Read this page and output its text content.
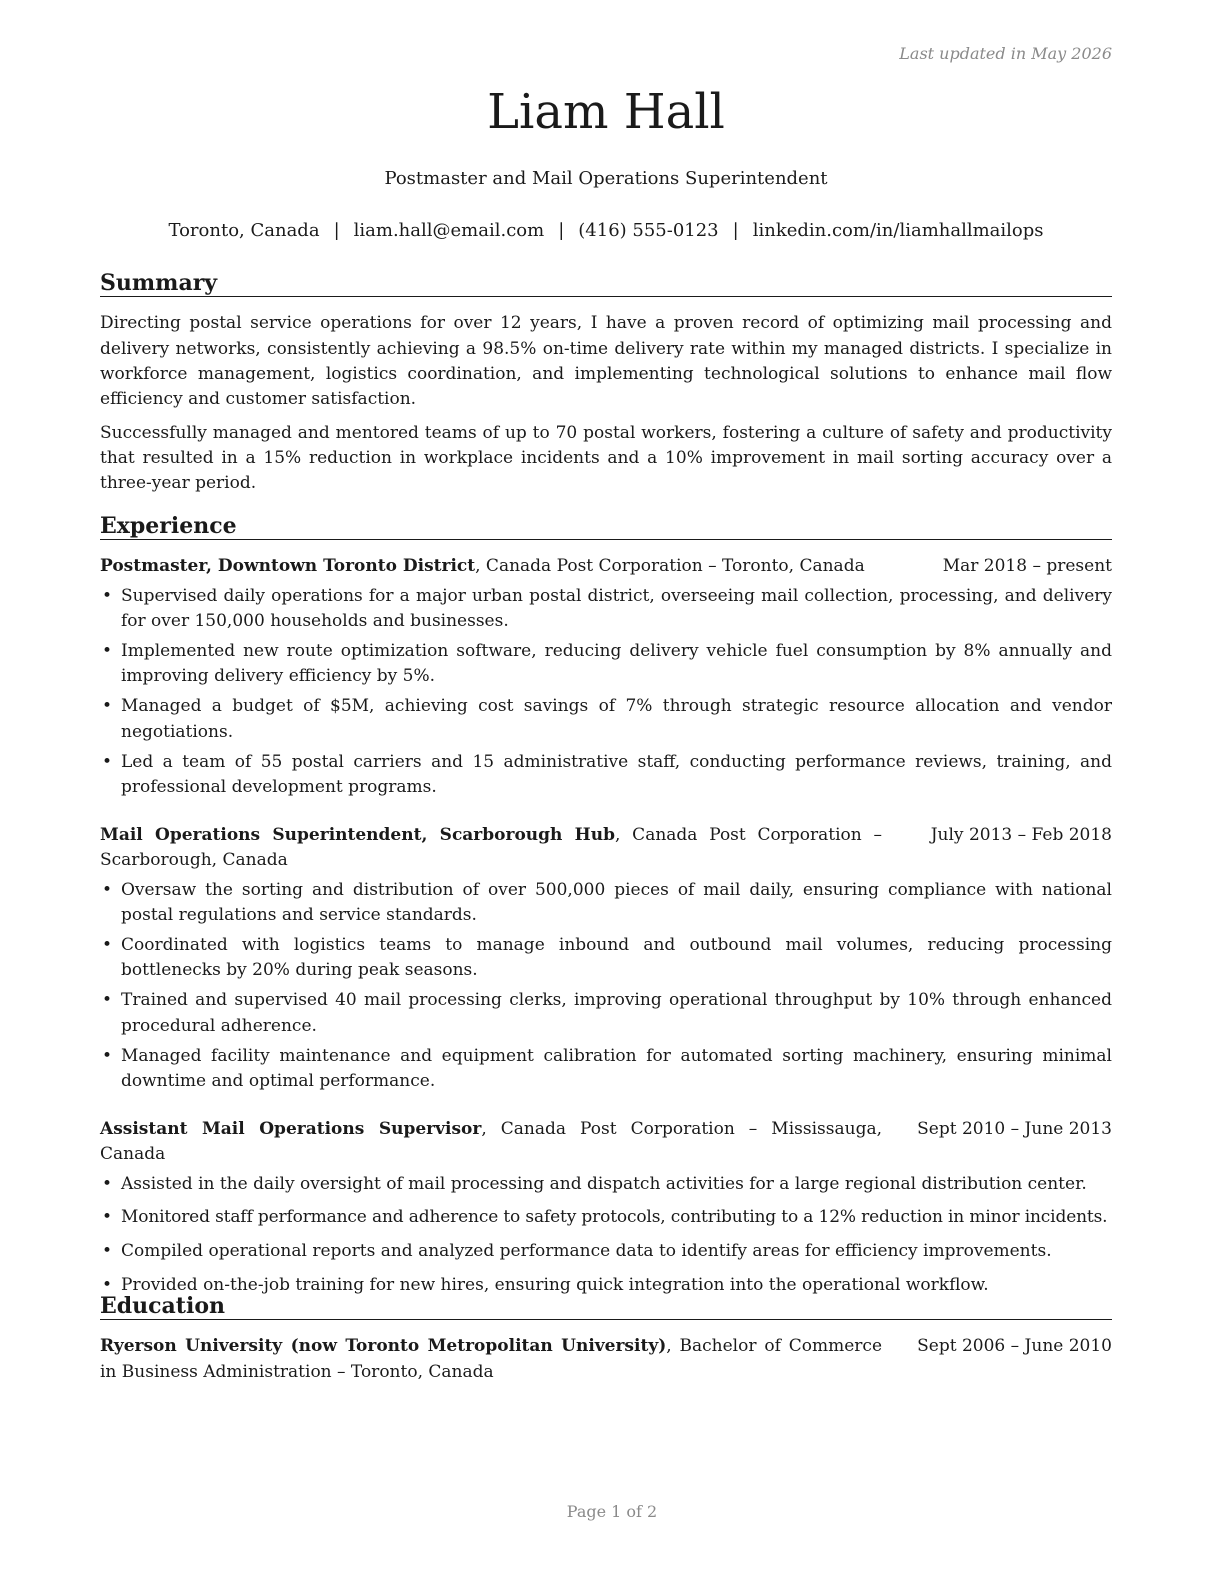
Last updated in May 2026
Liam Hall
Postmaster and Mail Operations Superintendent
Toronto, Canada | liam.hall@email.com | (416) 555-0123 | linkedin.com/in/liamhallmailops
Summary

Directing postal service operations for over 12 years, I have a proven record of optimizing mail processing and delivery networks, consistently achieving a 98.5% on-time delivery rate within my managed districts. I specialize in workforce management, logistics coordination, and implementing technological solutions to enhance mail flow efficiency and customer satisfaction.

Successfully managed and mentored teams of up to 70 postal workers, fostering a culture of safety and productivity that resulted in a 15% reduction in workplace incidents and a 10% improvement in mail sorting accuracy over a three-year period.

Experience
Postmaster, Downtown Toronto District, Canada Post Corporation – Toronto, Canada	Mar 2018 – present
• Supervised daily operations for a major urban postal district, overseeing mail collection, processing, and delivery for over 150,000 households and businesses.
• Implemented new route optimization software, reducing delivery vehicle fuel consumption by 8% annually and improving delivery efficiency by 5%.
• Managed a budget of $5M, achieving cost savings of 7% through strategic resource allocation and vendor negotiations.
• Led a team of 55 postal carriers and 15 administrative staff, conducting performance reviews, training, and professional development programs.
Mail Operations Superintendent, Scarborough Hub, Canada Post Corporation – Scarborough, Canada
July 2013 – Feb 2018
• Oversaw the sorting and distribution of over 500,000 pieces of mail daily, ensuring compliance with national postal regulations and service standards.
• Coordinated with logistics teams to manage inbound and outbound mail volumes, reducing processing bottlenecks by 20% during peak seasons.
• Trained and supervised 40 mail processing clerks, improving operational throughput by 10% through enhanced procedural adherence.
• Managed facility maintenance and equipment calibration for automated sorting machinery, ensuring minimal downtime and optimal performance.
Assistant Mail Operations Supervisor, Canada Post Corporation – Mississauga, Canada
Sept 2010 – June 2013
• Assisted in the daily oversight of mail processing and dispatch activities for a large regional distribution center.
• Monitored staff performance and adherence to safety protocols, contributing to a 12% reduction in minor incidents.
• Compiled operational reports and analyzed performance data to identify areas for efficiency improvements.
• Provided on-the-job training for new hires, ensuring quick integration into the operational workflow.
Education
Ryerson University (now Toronto Metropolitan University), Bachelor of Commerce in Business Administration – Toronto, Canada
Sept 2006 – June 2010
Page 1 of 2
